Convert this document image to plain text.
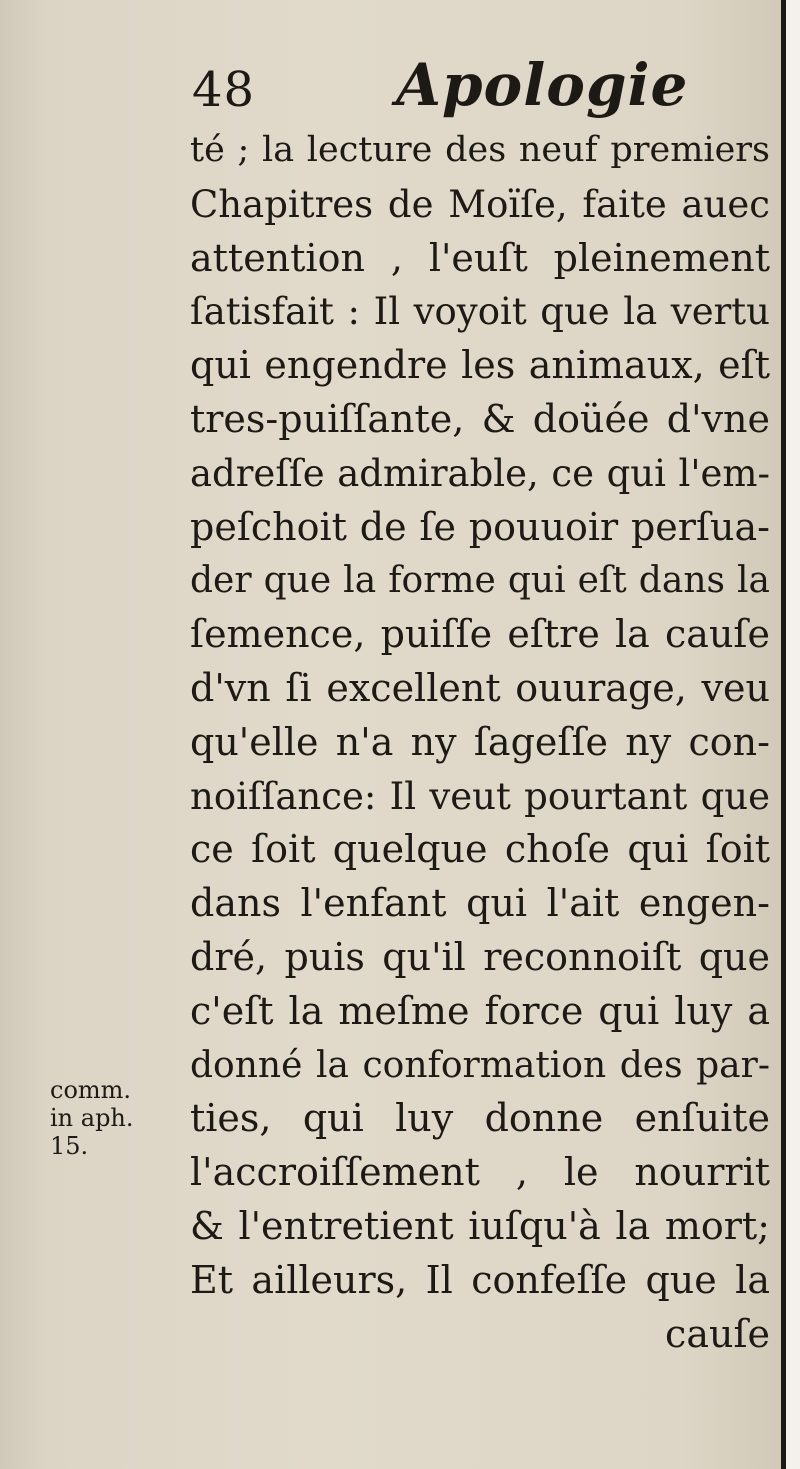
48 Apologie
té ; la lecture des neuf premiers
Chapitres de Moïſe, faite auec
attention , l'euſt pleinement
ſatisfait : Il voyoit que la vertu
qui engendre les animaux, eſt
tres-puiſſante, & doüée d'vne
adreſſe admirable, ce qui l'em-
peſchoit de ſe pouuoir perſua-
der que la forme qui eſt dans la
ſemence, puiſſe eſtre la cauſe
d'vn ſi excellent ouurage, veu
qu'elle n'a ny ſageſſe ny con-
noiſſance: Il veut pourtant que
ce ſoit quelque choſe qui ſoit
dans l'enfant qui l'ait engen-
dré, puis qu'il reconnoiſt que
c'eſt la meſme force qui luy a
donné la conformation des par-
ties, qui luy donne enſuite
l'accroiſſement , le nourrit
& l'entretient iuſqu'à la mort;
Et ailleurs, Il confeſſe que la
cauſe
comm.
in aph.
15.
